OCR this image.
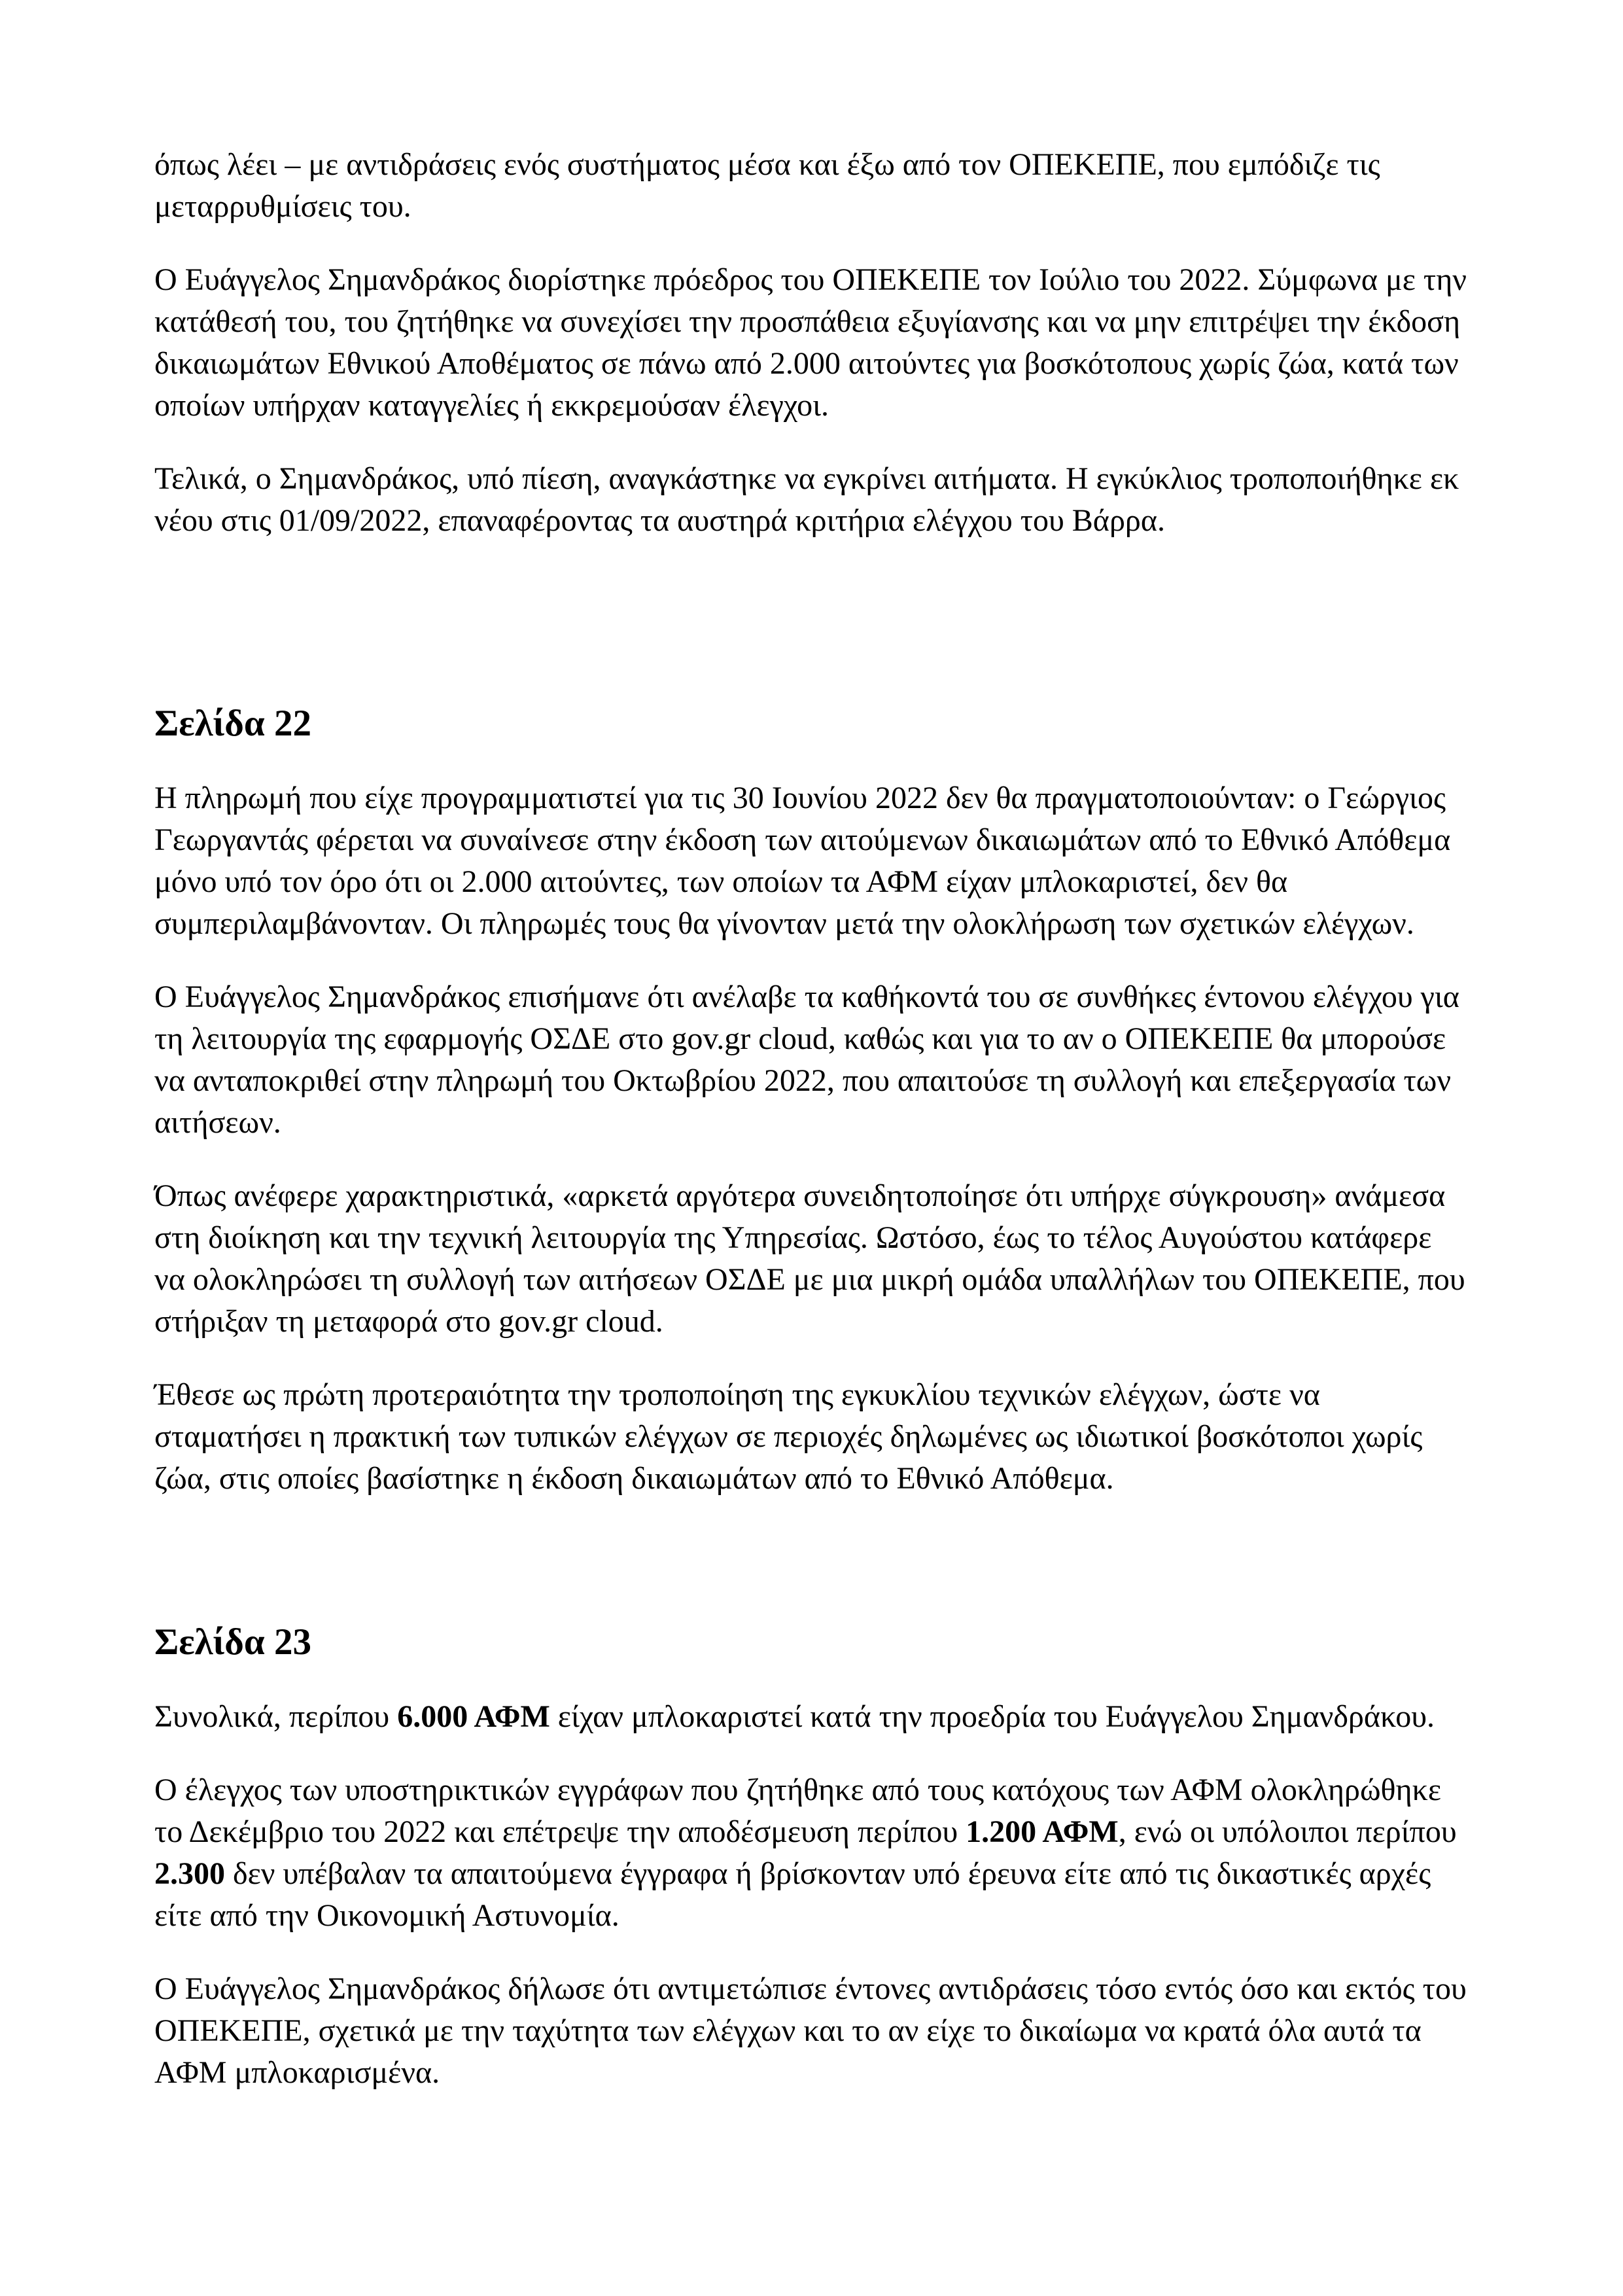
όπως λέει – με αντιδράσεις ενός συστήματος μέσα και έξω από τον ΟΠΕΚΕΠΕ, που εμπόδιζε τις μεταρρυθμίσεις του.

Ο Ευάγγελος Σημανδράκος διορίστηκε πρόεδρος του ΟΠΕΚΕΠΕ τον Ιούλιο του 2022. Σύμφωνα με την κατάθεσή του, του ζητήθηκε να συνεχίσει την προσπάθεια εξυγίανσης και να μην επιτρέψει την έκδοση δικαιωμάτων Εθνικού Αποθέματος σε πάνω από 2.000 αιτούντες για βοσκότοπους χωρίς ζώα, κατά των οποίων υπήρχαν καταγγελίες ή εκκρεμούσαν έλεγχοι.

Τελικά, ο Σημανδράκος, υπό πίεση, αναγκάστηκε να εγκρίνει αιτήματα. Η εγκύκλιος τροποποιήθηκε εκ νέου στις 01/09/2022, επαναφέροντας τα αυστηρά κριτήρια ελέγχου του Βάρρα.

Σελίδα 22

Η πληρωμή που είχε προγραμματιστεί για τις 30 Ιουνίου 2022 δεν θα πραγματοποιούνταν: ο Γεώργιος Γεωργαντάς φέρεται να συναίνεσε στην έκδοση των αιτούμενων δικαιωμάτων από το Εθνικό Απόθεμα μόνο υπό τον όρο ότι οι 2.000 αιτούντες, των οποίων τα ΑΦΜ είχαν μπλοκαριστεί, δεν θα συμπεριλαμβάνονταν. Οι πληρωμές τους θα γίνονταν μετά την ολοκλήρωση των σχετικών ελέγχων.

Ο Ευάγγελος Σημανδράκος επισήμανε ότι ανέλαβε τα καθήκοντά του σε συνθήκες έντονου ελέγχου για τη λειτουργία της εφαρμογής ΟΣΔΕ στο gov.gr cloud, καθώς και για το αν ο ΟΠΕΚΕΠΕ θα μπορούσε να ανταποκριθεί στην πληρωμή του Οκτωβρίου 2022, που απαιτούσε τη συλλογή και επεξεργασία των αιτήσεων.

Όπως ανέφερε χαρακτηριστικά, «αρκετά αργότερα συνειδητοποίησε ότι υπήρχε σύγκρουση» ανάμεσα στη διοίκηση και την τεχνική λειτουργία της Υπηρεσίας. Ωστόσο, έως το τέλος Αυγούστου κατάφερε να ολοκληρώσει τη συλλογή των αιτήσεων ΟΣΔΕ με μια μικρή ομάδα υπαλλήλων του ΟΠΕΚΕΠΕ, που στήριξαν τη μεταφορά στο gov.gr cloud.

Έθεσε ως πρώτη προτεραιότητα την τροποποίηση της εγκυκλίου τεχνικών ελέγχων, ώστε να σταματήσει η πρακτική των τυπικών ελέγχων σε περιοχές δηλωμένες ως ιδιωτικοί βοσκότοποι χωρίς ζώα, στις οποίες βασίστηκε η έκδοση δικαιωμάτων από το Εθνικό Απόθεμα.

Σελίδα 23

Συνολικά, περίπου 6.000 ΑΦΜ είχαν μπλοκαριστεί κατά την προεδρία του Ευάγγελου Σημανδράκου.

Ο έλεγχος των υποστηρικτικών εγγράφων που ζητήθηκε από τους κατόχους των ΑΦΜ ολοκληρώθηκε το Δεκέμβριο του 2022 και επέτρεψε την αποδέσμευση περίπου 1.200 ΑΦΜ, ενώ οι υπόλοιποι περίπου 2.300 δεν υπέβαλαν τα απαιτούμενα έγγραφα ή βρίσκονταν υπό έρευνα είτε από τις δικαστικές αρχές είτε από την Οικονομική Αστυνομία.

Ο Ευάγγελος Σημανδράκος δήλωσε ότι αντιμετώπισε έντονες αντιδράσεις τόσο εντός όσο και εκτός του ΟΠΕΚΕΠΕ, σχετικά με την ταχύτητα των ελέγχων και το αν είχε το δικαίωμα να κρατά όλα αυτά τα ΑΦΜ μπλοκαρισμένα.
